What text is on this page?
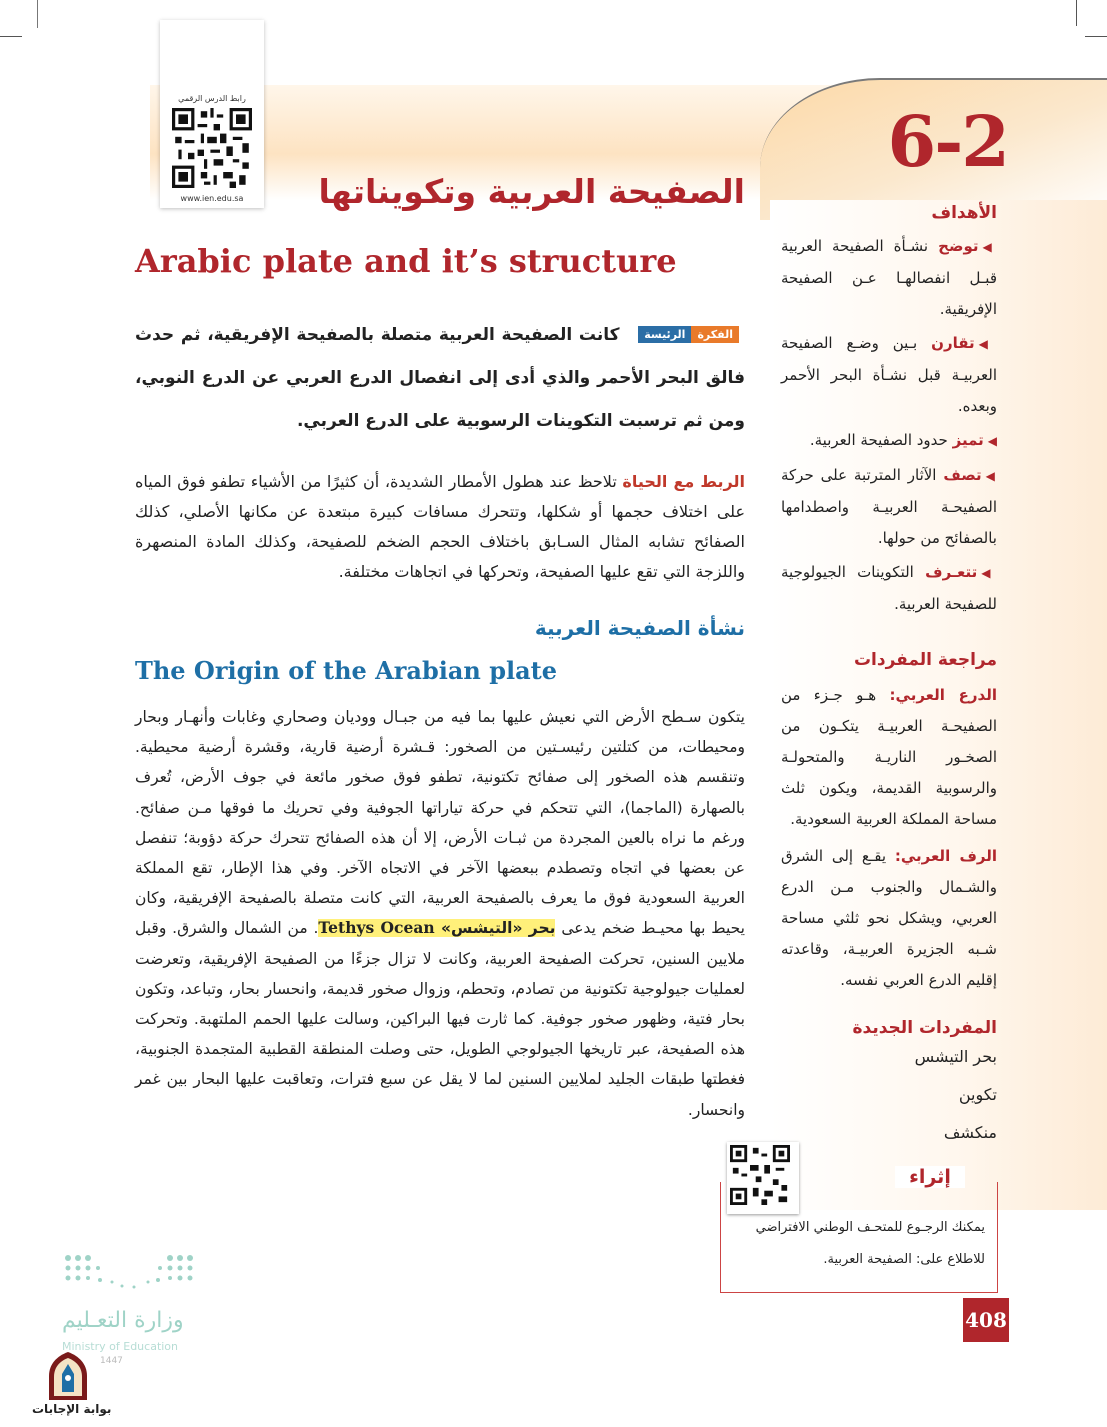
رابط الدرس الرقمي
www.ien.edu.sa
6-2
الصفيحة العربية وتكويناتها
Arabic plate and it’s structure
الفكرةالرئيسة كانت الصفيحة العربية متصلة بالصفيحة الإفريقية، ثم حدث فالق البحر الأحمر والذي أدى إلى انفصال الدرع العربي عن الدرع النوبي، ومن ثم ترسبت التكوينات الرسوبية على الدرع العربي.
الربط مع الحياة تلاحظ عند هطول الأمطار الشديدة، أن كثيرًا من الأشياء تطفو فوق المياه على اختلاف حجمها أو شكلها، وتتحرك مسافات كبيرة مبتعدة عن مكانها الأصلي، كذلك الصفائح تشابه المثال السـابق باختلاف الحجم الضخم للصفيحة، وكذلك المادة المنصهرة واللزجة التي تقع عليها الصفيحة، وتحركها في اتجاهات مختلفة.
نشأة الصفيحة العربية
The Origin of the Arabian plate
يتكون سـطح الأرض التي نعيش عليها بما فيه من جبـال ووديان وصحاري وغابات وأنهـار وبحار ومحيطات، من كتلتين رئيسـتين من الصخور: قـشرة أرضية قارية، وقشرة أرضية محيطية. وتنقسم هذه الصخور إلى صفائح تكتونية، تطفو فوق صخور مائعة في جوف الأرض، تُعرف بالصهارة (الماجما)، التي تتحكم في حركة تياراتها الجوفية وفي تحريك ما فوقها مـن صفائح. ورغم ما نراه بالعين المجردة من ثبـات الأرض، إلا أن هذه الصفائح تتحرك حركة دؤوبة؛ تنفصل عن بعضها في اتجاه وتصطدم ببعضها الآخر في الاتجاه الآخر. وفي هذا الإطار، تقع المملكة العربية السعودية فوق ما يعرف بالصفيحة العربية، التي كانت متصلة بالصفيحة الإفريقية، وكان يحيط بها محيـط ضخم يدعى بحر «التيشس» Tethys Ocean. من الشمال والشرق. وقبل ملايين السنين، تحركت الصفيحة العربية، وكانت لا تزال جزءًا من الصفيحة الإفريقية، وتعرضت لعمليات جيولوجية تكتونية من تصادم، وتحطم، وزوال صخور قديمة، وانحسار بحار، وتباعد، وتكون بحار فتية، وظهور صخور جوفية. كما ثارت فيها البراكين، وسالت عليها الحمم الملتهبة. وتحركت هذه الصفيحة، عبر تاريخها الجيولوجي الطويل، حتى وصلت المنطقة القطبية المتجمدة الجنوبية، فغطتها طبقات الجليد لملايين السنين لما لا يقل عن سبع فترات، وتعاقبت عليها البحار بين غمر وانحسار.
الأهداف
◀توضح نشـأة الصفيحة العربية قبـل انفصالهـا عـن الصفيحة الإفريقية.
◀تقارن بـين وضـع الصفيحة العربيـة قبل نشـأة البحر الأحمر وبعده.
◀تميز حدود الصفيحة العربية.
◀تصف الآثار المترتبة على حركة الصفيحـة العربيـة واصطدامها بالصفائح من حولها.
◀تتعـرف التكوينات الجيولوجية للصفيحة العربية.
مراجعة المفردات

الدرع العربي: هـو جـزء من الصفيحـة العربيـة يتكـون من الصخـور الناريـة والمتحولـة والرسوبية القديمة، ويكون ثلث مساحة المملكة العربية السعودية.

الرف العربي: يقـع إلى الشرق والشـمال والجنوب مـن الدرع العربي، ويشكل نحو ثلثي مساحة شـبه الجزيرة العربيـة، وقاعدته إقليم الدرع العربي نفسه.

المفردات الجديدة
بحر التيشس
تكوين
منكشف
إثراء
يمكنك الرجـوع للمتحـف الوطني الافتراضي
للاطلاع على: الصفيحة العربية.
408
وزارة التعـليم
Ministry of Education
1447
بوابة الإجابات
